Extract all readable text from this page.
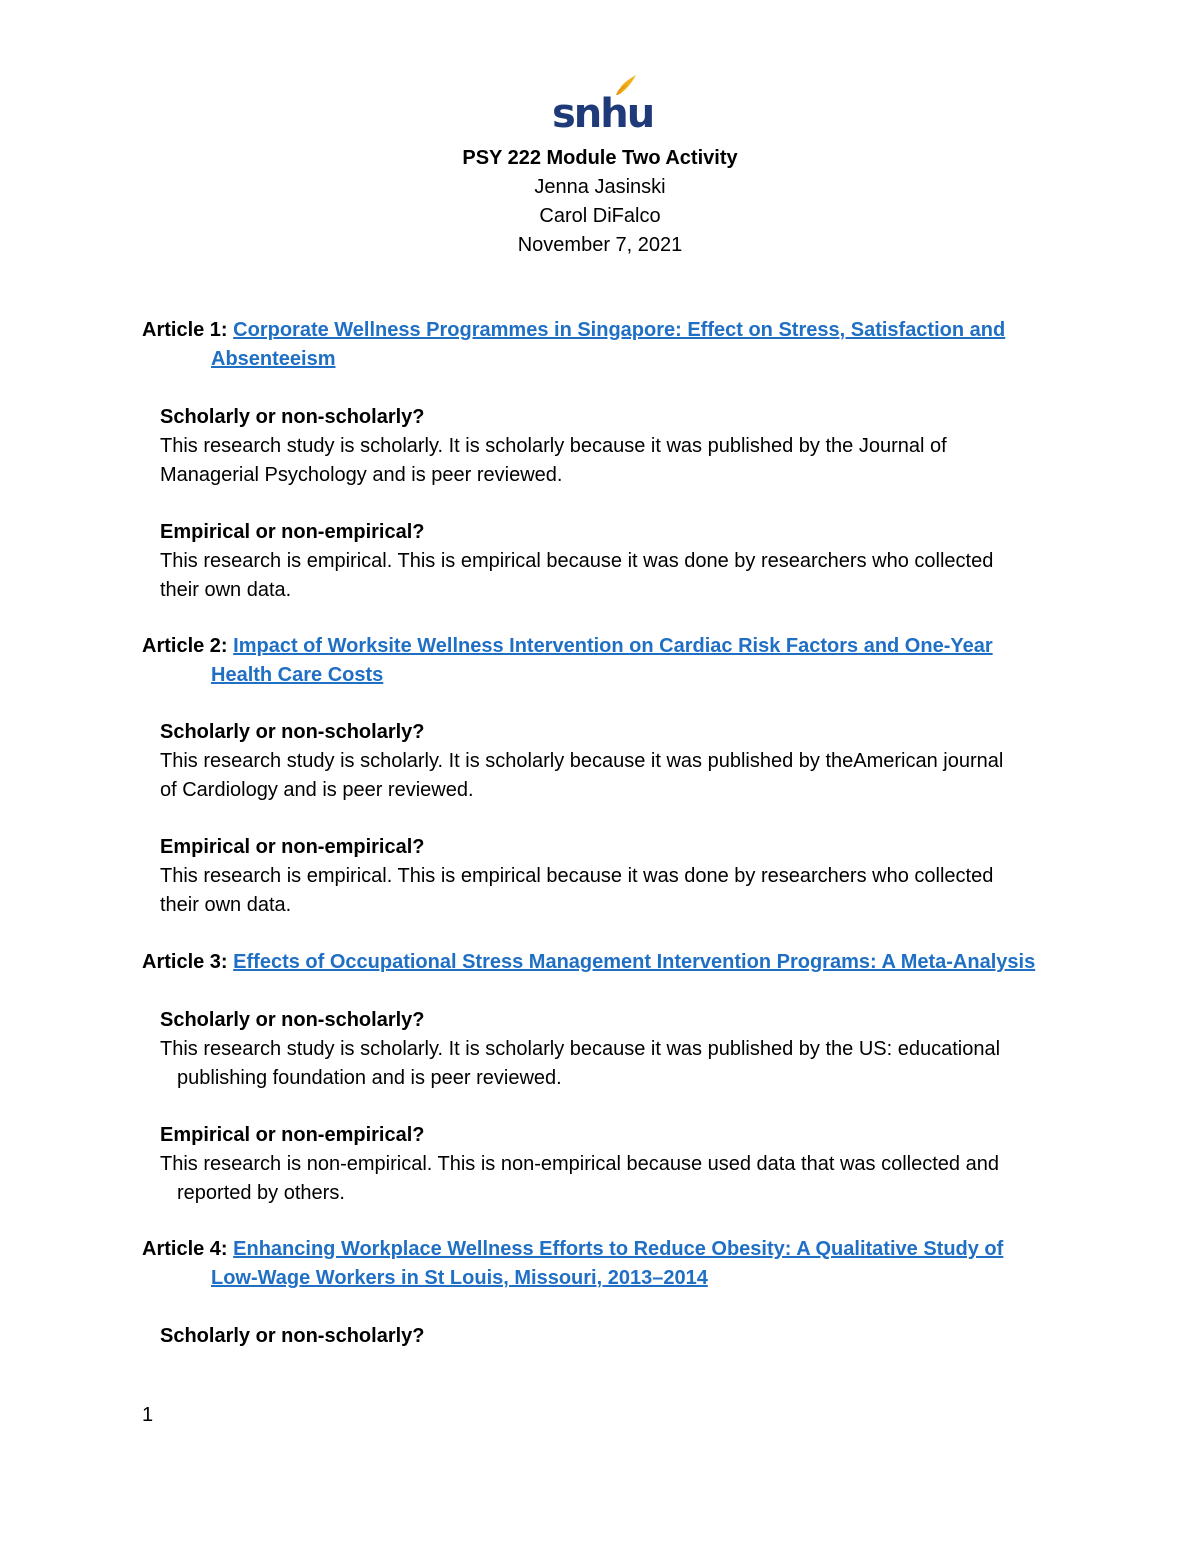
snhu
PSY 222 Module Two Activity
Jenna Jasinski
Carol DiFalco
November 7, 2021
Article 1: Corporate Wellness Programmes in Singapore: Effect on Stress, Satisfaction and
Absenteeism
Scholarly or non-scholarly?
This research study is scholarly. It is scholarly because it was published by the Journal of
Managerial Psychology and is peer reviewed.
Empirical or non-empirical?
This research is empirical. This is empirical because it was done by researchers who collected
their own data.
Article 2: Impact of Worksite Wellness Intervention on Cardiac Risk Factors and One-Year
Health Care Costs
Scholarly or non-scholarly?
This research study is scholarly. It is scholarly because it was published by theAmerican journal
of Cardiology and is peer reviewed.
Empirical or non-empirical?
This research is empirical. This is empirical because it was done by researchers who collected
their own data.
Article 3: Effects of Occupational Stress Management Intervention Programs: A Meta-Analysis
Scholarly or non-scholarly?
This research study is scholarly. It is scholarly because it was published by the US: educational
publishing foundation and is peer reviewed.
Empirical or non-empirical?
This research is non-empirical. This is non-empirical because used data that was collected and
reported by others.
Article 4: Enhancing Workplace Wellness Efforts to Reduce Obesity: A Qualitative Study of
Low-Wage Workers in St Louis, Missouri, 2013–2014
Scholarly or non-scholarly?
1
